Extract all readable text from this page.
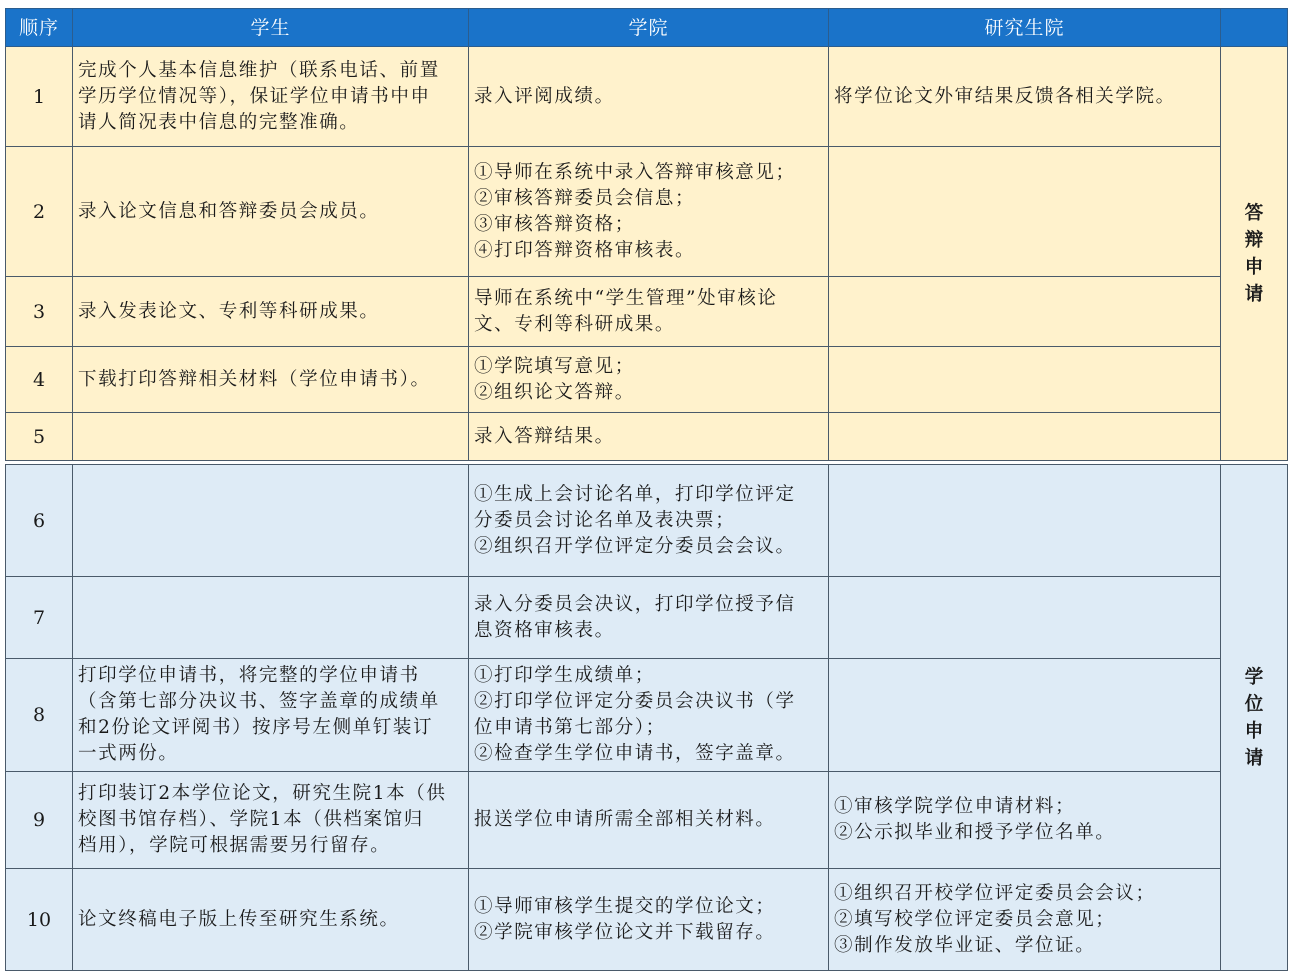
顺序	学生	学院	研究生院	
1	完成个人基本信息维护（联系电话、前置
学历学位情况等），保证学位申请书中申
请人简况表中信息的完整准确。	录入评阅成绩。	将学位论文外审结果反馈各相关学院。	答
辩
申
请

2	录入论文信息和答辩委员会成员。	①导师在系统中录入答辩审核意见；
②审核答辩委员会信息；
③审核答辩资格；
④打印答辩资格审核表。		
3	录入发表论文、专利等科研成果。	导师在系统中“学生管理”处审核论
文、专利等科研成果。		
4	下载打印答辩相关材料（学位申请书）。	①学院填写意见；
②组织论文答辩。		
5		录入答辩结果。		

6		①生成上会讨论名单，打印学位评定
分委员会讨论名单及表决票；
②组织召开学位评定分委员会会议。		学
位
申
请

7		录入分委员会决议，打印学位授予信
息资格审核表。		
8	打印学位申请书，将完整的学位申请书
（含第七部分决议书、签字盖章的成绩单
和2份论文评阅书）按序号左侧单钉装订
一式两份。	①打印学生成绩单；
②打印学位评定分委员会决议书（学
位申请书第七部分）；
②检查学生学位申请书，签字盖章。		
9	打印装订2本学位论文，研究生院1本（供
校图书馆存档）、学院1本（供档案馆归
档用），学院可根据需要另行留存。	报送学位申请所需全部相关材料。	①审核学院学位申请材料；
②公示拟毕业和授予学位名单。	
10	论文终稿电子版上传至研究生系统。	①导师审核学生提交的学位论文；
②学院审核学位论文并下载留存。	①组织召开校学位评定委员会会议；
②填写校学位评定委员会意见；
③制作发放毕业证、学位证。	
